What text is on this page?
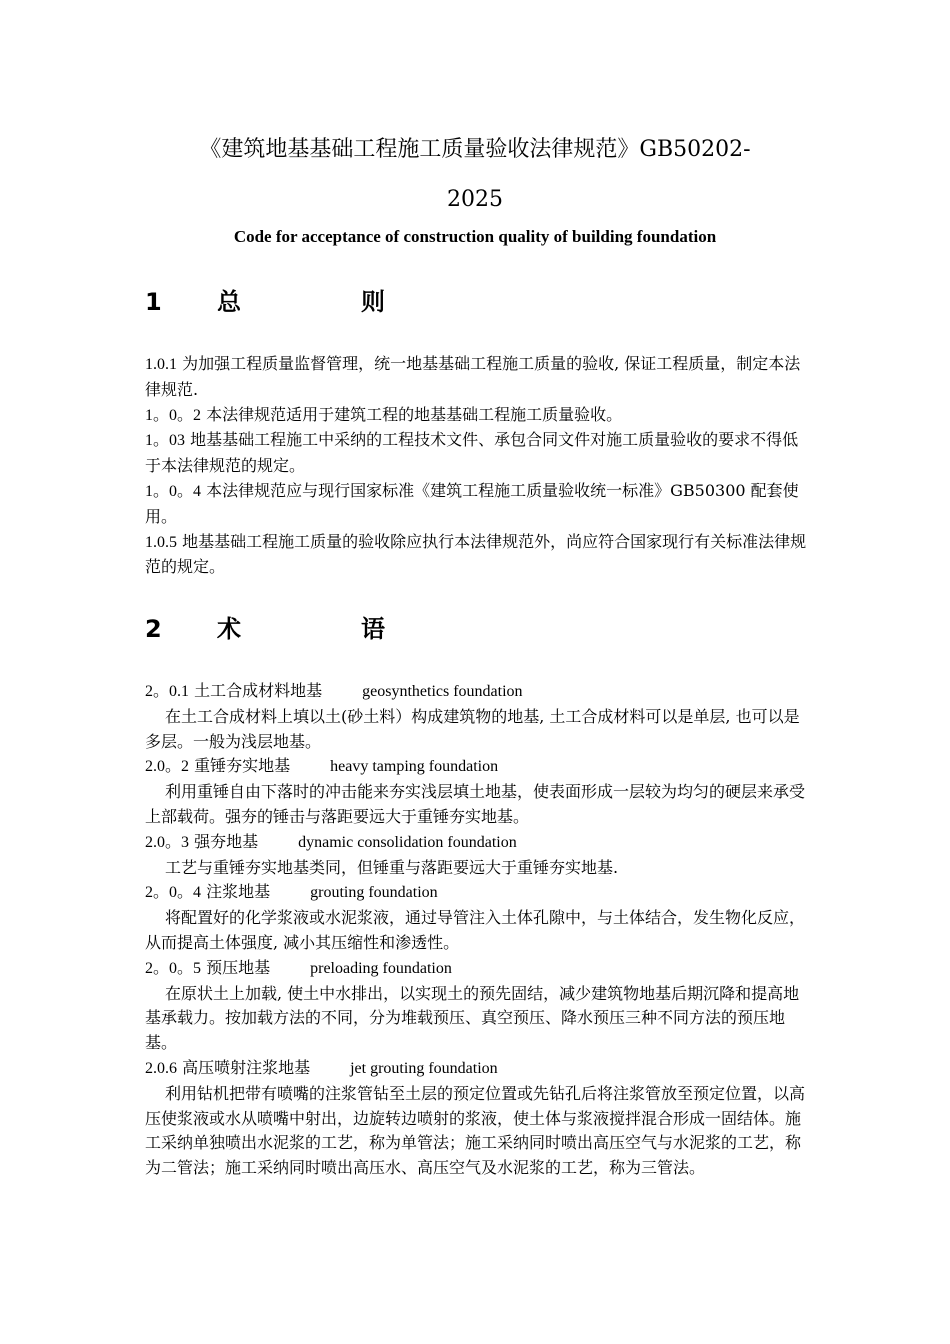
《建筑地基基础工程施工质量验收法律规范》GB50202-
2025
Code for acceptance of construction quality of building foundation
1 总	则

1.0.1 为加强工程质量监督管理，统一地基基础工程施工质量的验收, 保证工程质量，制定本法律规范.

1。0。2 本法律规范适用于建筑工程的地基基础工程施工质量验收。

1。03 地基基础工程施工中采纳的工程技术文件、承包合同文件对施工质量验收的要求不得低于本法律规范的规定。

1。0。4 本法律规范应与现行国家标准《建筑工程施工质量验收统一标准》GB50300 配套使用。

1.0.5 地基基础工程施工质量的验收除应执行本法律规范外，尚应符合国家现行有关标准法律规范的规定。

2 术	语

2。0.1 土工合成材料地基	geosynthetics foundation

在土工合成材料上填以土(砂土料）构成建筑物的地基, 土工合成材料可以是单层, 也可以是多层。一般为浅层地基。

2.0。2 重锤夯实地基	heavy tamping foundation

利用重锤自由下落时的冲击能来夯实浅层填土地基，使表面形成一层较为均匀的硬层来承受上部载荷。强夯的锤击与落距要远大于重锤夯实地基。

2.0。3 强夯地基	dynamic consolidation foundation

工艺与重锤夯实地基类同，但锤重与落距要远大于重锤夯实地基.

2。0。4 注浆地基	grouting foundation

将配置好的化学浆液或水泥浆液，通过导管注入土体孔隙中，与土体结合，发生物化反应，从而提高土体强度, 减小其压缩性和渗透性。

2。0。5 预压地基	preloading foundation

在原状土上加载, 使土中水排出，以实现土的预先固结，减少建筑物地基后期沉降和提高地基承载力。按加载方法的不同，分为堆载预压、真空预压、降水预压三种不同方法的预压地基。

2.0.6 高压喷射注浆地基	jet grouting foundation

利用钻机把带有喷嘴的注浆管钻至土层的预定位置或先钻孔后将注浆管放至预定位置，以高压使浆液或水从喷嘴中射出，边旋转边喷射的浆液，使土体与浆液搅拌混合形成一固结体。施工采纳单独喷出水泥浆的工艺，称为单管法；施工采纳同时喷出高压空气与水泥浆的工艺，称为二管法；施工采纳同时喷出高压水、高压空气及水泥浆的工艺，称为三管法。
